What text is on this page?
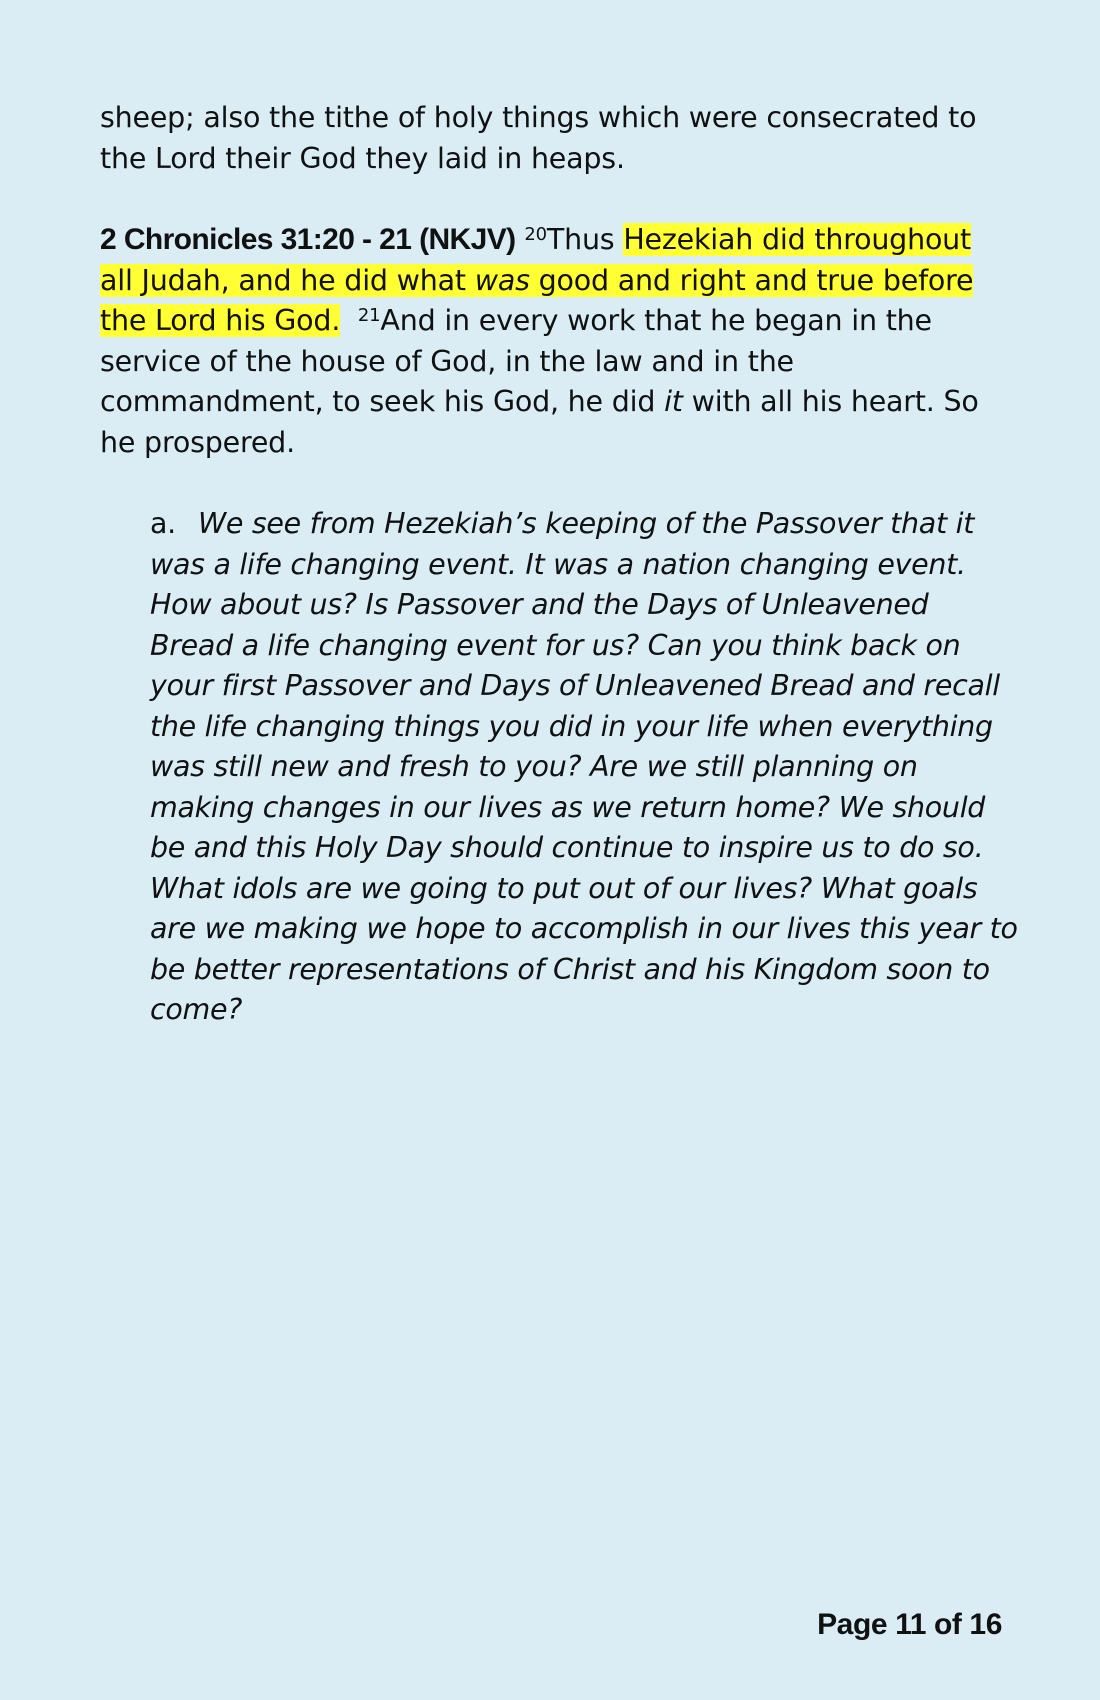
sheep; also the tithe of holy things which were consecrated to the Lord their God they laid in heaps.

2 Chronicles 31:20 - 21 (NKJV) $^{20}$Thus Hezekiah did throughout all Judah, and he did what was good and right and true before the Lord his God. $^{21}$And in every work that he began in the service of the house of God, in the law and in the commandment, to seek his God, he did it with all his heart. So he prospered.

a. We see from Hezekiah’s keeping of the Passover that it was a life changing event. It was a nation changing event. How about us? Is Passover and the Days of Unleavened Bread a life changing event for us? Can you think back on your first Passover and Days of Unleavened Bread and recall the life changing things you did in your life when everything was still new and fresh to you? Are we still planning on making changes in our lives as we return home? We should be and this Holy Day should continue to inspire us to do so. What idols are we going to put out of our lives? What goals are we making we hope to accomplish in our lives this year to be better representations of Christ and his Kingdom soon to come?

Page 11 of 16
